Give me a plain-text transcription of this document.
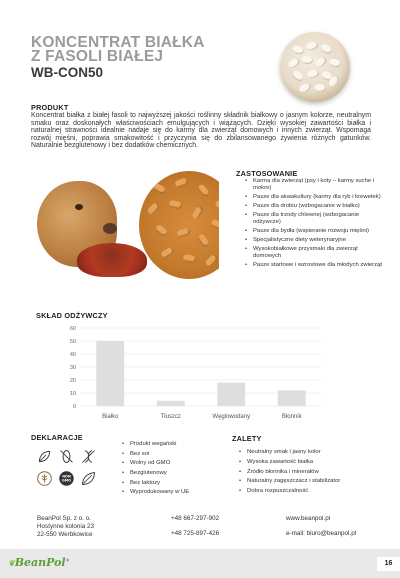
KONCENTRAT BIAŁKA
Z FASOLI BIAŁEJ
WB-CON50
PRODUKT

Koncentrat białka z białej fasoli to najwyższej jakości roślinny składnik białkowy o jasnym kolorze, neutralnym smaku oraz doskonałych właściwościach emulgujących i wiążących. Dzięki wysokiej zawartości białka i naturalnej strawności idealnie nadaje się do karmy dla zwierząt domowych i innych zwierząt. Wspomaga rozwój mięśni, poprawia smakowitość i przyczynia się do zbilansowanego żywienia różnych gatunków. Naturalnie bezglutenowy i bez dodatków chemicznych.

ZASTOSOWANIE
• Karma dla zwierząt (psy i koty – karmy suche i mokre)
• Pasze dla akwakultury (karmy dla ryb i krewetek)
• Pasze dla drobiu (wzbogacanie w białko)
• Pasze dla trzody chlewnej (wzbogacanie odżywcze)
• Pasze dla bydła (wspieranie rozwoju mięśni)
• Specjalistyczne diety weterynaryjne
• Wysokobiałkowe przysmaki dla zwierząt domowych
• Pasze startowe i wzrostowe dla młodych zwierząt
SKŁAD ODŻYWCZY
0
10
20
30
40
50
60
Białko	Tłuszcz	Węglowodany	Błonnik
DEKLARACJE
NON
GMO
• Produkt wegański
• Bez soi
• Wolny od GMO
• Bezglutenowy
• Bez laktozy
• Wyprodukowany w UE
ZALETY
• Neutralny smak i jasny kolor
• Wysoka zawartość białka
• Źródło błonnika i minerałów
• Naturalny zagęszczacz i stabilizator
• Dobra rozpuszczalność
BeanPol Sp. z o. o.
Hostynne kolonia 23
22-550 Werbkowice
+48 667-297-902
+48 725-897-426
www.beanpol.pl
e-mail: biuro@beanpol.pl
❦BeanPol®
16
